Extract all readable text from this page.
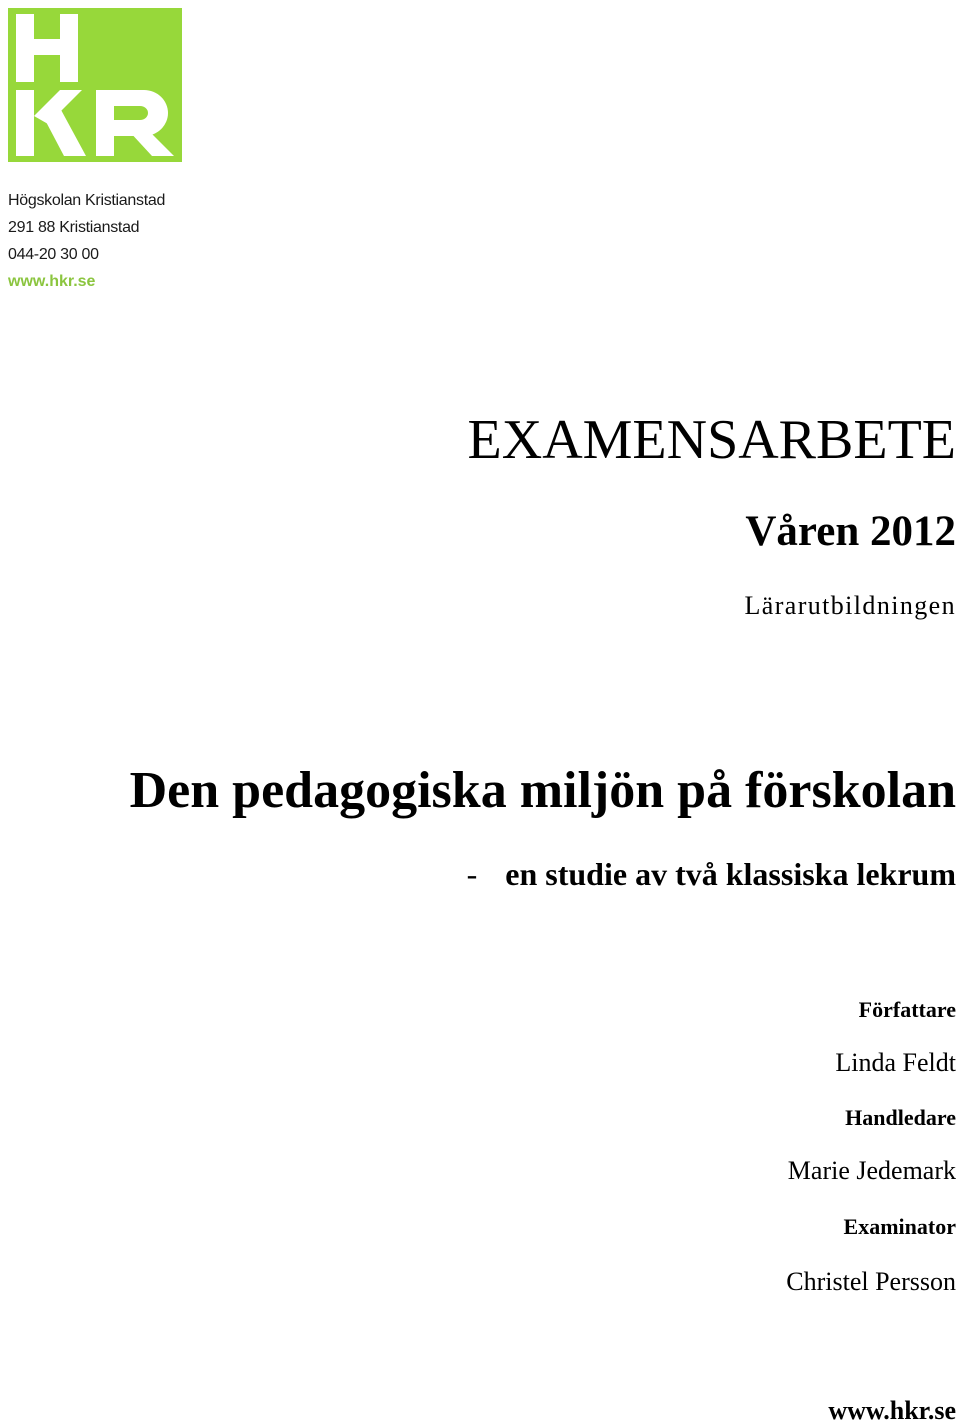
Högskolan Kristianstad
291 88 Kristianstad
044-20 30 00
www.hkr.se
EXAMENSARBETE
Våren 2012
Lärarutbildningen
Den pedagogiska miljön på förskolan
- en studie av två klassiska lekrum
Författare
Linda Feldt
Handledare
Marie Jedemark
Examinator
Christel Persson
www.hkr.se
